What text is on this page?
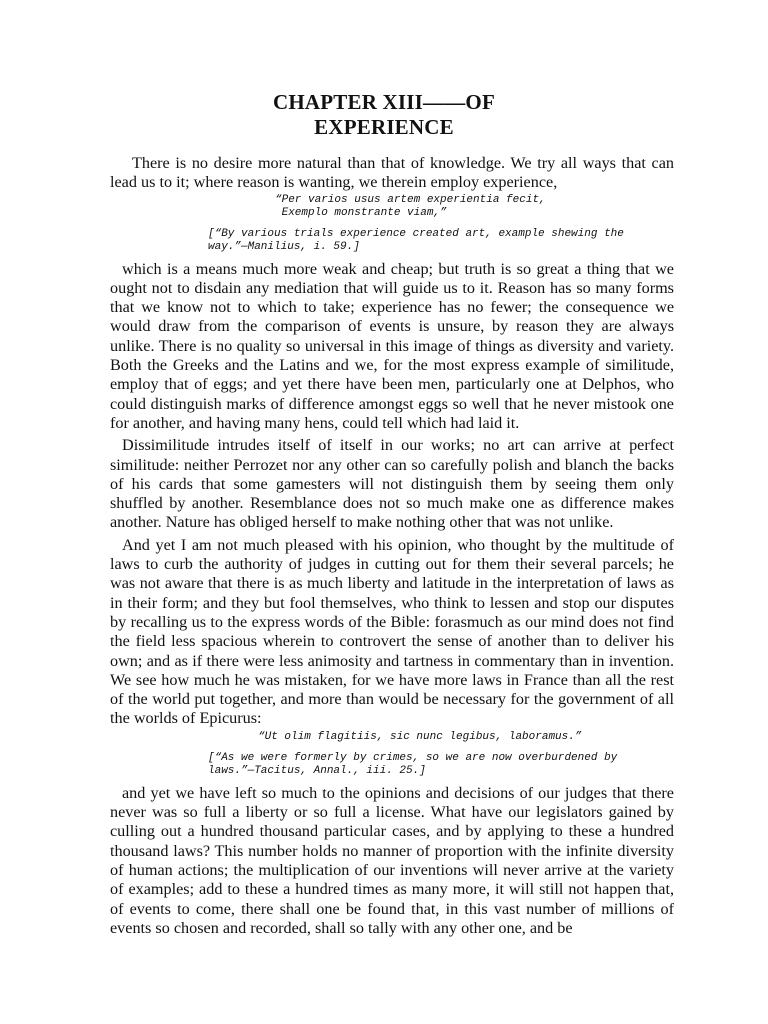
CHAPTER XIII——OF
EXPERIENCE

There is no desire more natural than that of knowledge. We try all ways that can lead us to it; where reason is wanting, we therein employ experience,

“Per varios usus artem experientia fecit,
Exemplo monstrante viam,”
[“By various trials experience created art, example shewing the
way.”—Manilius, i. 59.]

which is a means much more weak and cheap; but truth is so great a thing that we ought not to disdain any mediation that will guide us to it. Reason has so many forms that we know not to which to take; experience has no fewer; the consequence we would draw from the comparison of events is unsure, by reason they are always unlike. There is no quality so universal in this image of things as diversity and variety. Both the Greeks and the Latins and we, for the most express example of similitude, employ that of eggs; and yet there have been men, particularly one at Delphos, who could distinguish marks of difference amongst eggs so well that he never mistook one for another, and having many hens, could tell which had laid it.

Dissimilitude intrudes itself of itself in our works; no art can arrive at perfect similitude: neither Perrozet nor any other can so carefully polish and blanch the backs of his cards that some gamesters will not distinguish them by seeing them only shuffled by another. Resemblance does not so much make one as difference makes another. Nature has obliged herself to make nothing other that was not unlike.

And yet I am not much pleased with his opinion, who thought by the multitude of laws to curb the authority of judges in cutting out for them their several parcels; he was not aware that there is as much liberty and latitude in the interpretation of laws as in their form; and they but fool themselves, who think to lessen and stop our disputes by recalling us to the express words of the Bible: forasmuch as our mind does not find the field less spacious wherein to controvert the sense of another than to deliver his own; and as if there were less animosity and tartness in commentary than in invention. We see how much he was mistaken, for we have more laws in France than all the rest of the world put together, and more than would be necessary for the government of all the worlds of Epicurus:

“Ut olim flagitiis, sic nunc legibus, laboramus.”
[“As we were formerly by crimes, so we are now overburdened by
laws.”—Tacitus, Annal., iii. 25.]

and yet we have left so much to the opinions and decisions of our judges that there never was so full a liberty or so full a license. What have our legislators gained by culling out a hundred thousand particular cases, and by applying to these a hundred thousand laws? This number holds no manner of proportion with the infinite diversity of human actions; the multiplication of our inventions will never arrive at the variety of examples; add to these a hundred times as many more, it will still not happen that, of events to come, there shall one be found that, in this vast number of millions of events so chosen and recorded, shall so tally with any other one, and be
